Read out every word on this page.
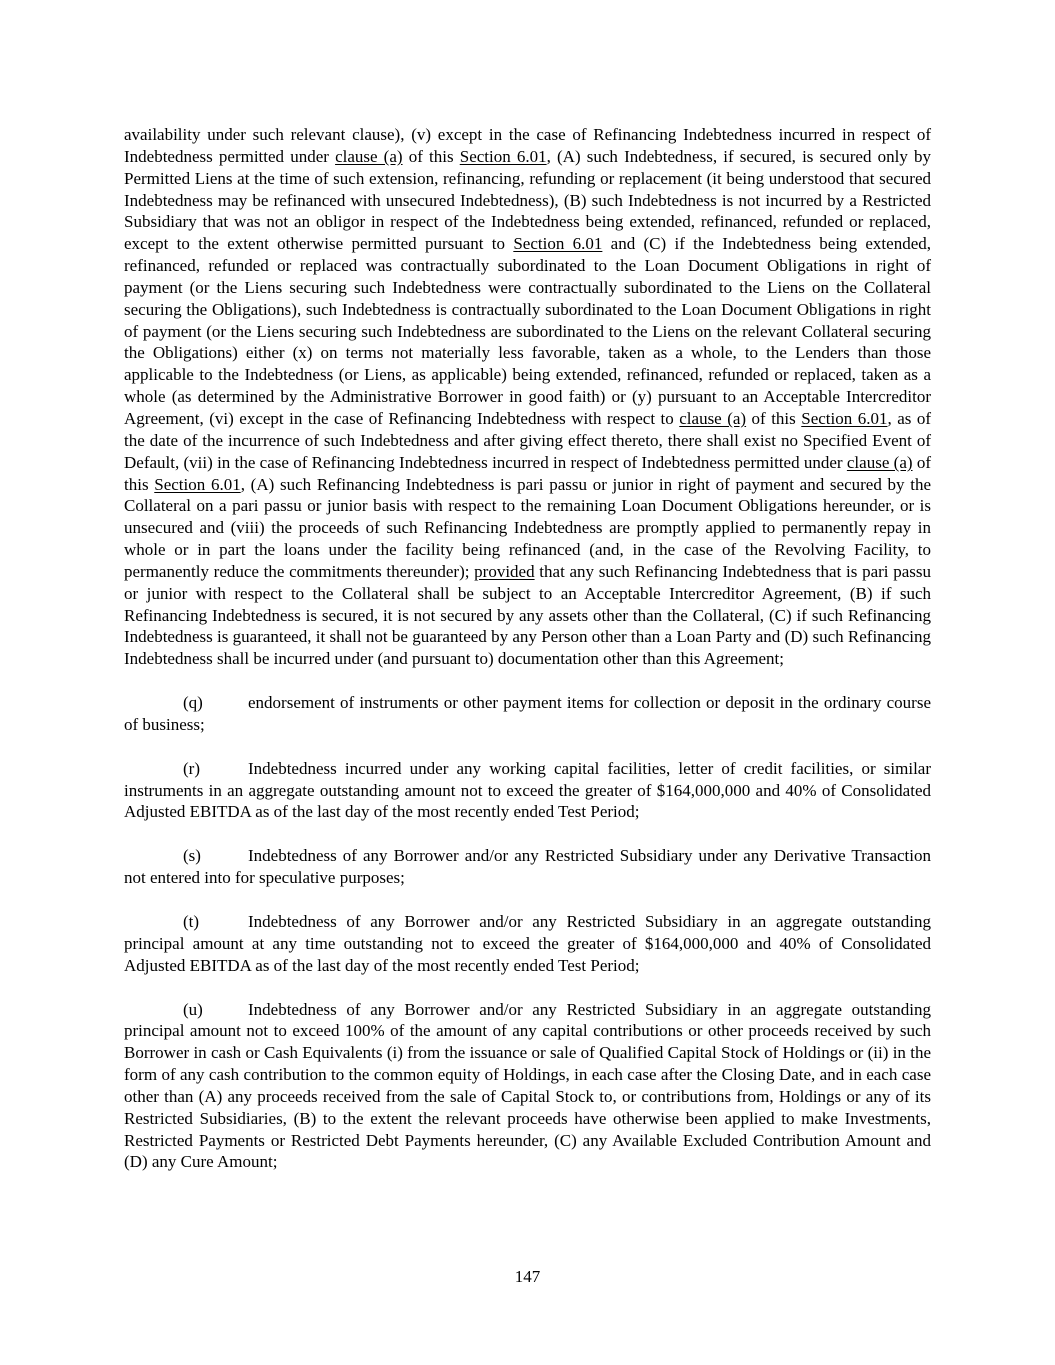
availability under such relevant clause), (v) except in the case of Refinancing Indebtedness incurred in respect of Indebtedness permitted under clause (a) of this Section 6.01, (A) such Indebtedness, if secured, is secured only by Permitted Liens at the time of such extension, refinancing, refunding or replacement (it being understood that secured Indebtedness may be refinanced with unsecured Indebtedness), (B) such Indebtedness is not incurred by a Restricted Subsidiary that was not an obligor in respect of the Indebtedness being extended, refinanced, refunded or replaced, except to the extent otherwise permitted pursuant to Section 6.01 and (C) if the Indebtedness being extended, refinanced, refunded or replaced was contractually subordinated to the Loan Document Obligations in right of payment (or the Liens securing such Indebtedness were contractually subordinated to the Liens on the Collateral securing the Obligations), such Indebtedness is contractually subordinated to the Loan Document Obligations in right of payment (or the Liens securing such Indebtedness are subordinated to the Liens on the relevant Collateral securing the Obligations) either (x) on terms not materially less favorable, taken as a whole, to the Lenders than those applicable to the Indebtedness (or Liens, as applicable) being extended, refinanced, refunded or replaced, taken as a whole (as determined by the Administrative Borrower in good faith) or (y) pursuant to an Acceptable Intercreditor Agreement, (vi) except in the case of Refinancing Indebtedness with respect to clause (a) of this Section 6.01, as of the date of the incurrence of such Indebtedness and after giving effect thereto, there shall exist no Specified Event of Default, (vii) in the case of Refinancing Indebtedness incurred in respect of Indebtedness permitted under clause (a) of this Section 6.01, (A) such Refinancing Indebtedness is pari passu or junior in right of payment and secured by the Collateral on a pari passu or junior basis with respect to the remaining Loan Document Obligations hereunder, or is unsecured and (viii) the proceeds of such Refinancing Indebtedness are promptly applied to permanently repay in whole or in part the loans under the facility being refinanced (and, in the case of the Revolving Facility, to permanently reduce the commitments thereunder); provided that any such Refinancing Indebtedness that is pari passu or junior with respect to the Collateral shall be subject to an Acceptable Intercreditor Agreement, (B) if such Refinancing Indebtedness is secured, it is not secured by any assets other than the Collateral, (C) if such Refinancing Indebtedness is guaranteed, it shall not be guaranteed by any Person other than a Loan Party and (D) such Refinancing Indebtedness shall be incurred under (and pursuant to) documentation other than this Agreement;

(q)	endorsement of instruments or other payment items for collection or deposit in the ordinary course of business;

(r)	Indebtedness incurred under any working capital facilities, letter of credit facilities, or similar instruments in an aggregate outstanding amount not to exceed the greater of $164,000,000 and 40% of Consolidated Adjusted EBITDA as of the last day of the most recently ended Test Period;

(s)	Indebtedness of any Borrower and/or any Restricted Subsidiary under any Derivative Transaction not entered into for speculative purposes;

(t)	Indebtedness of any Borrower and/or any Restricted Subsidiary in an aggregate outstanding principal amount at any time outstanding not to exceed the greater of $164,000,000 and 40% of Consolidated Adjusted EBITDA as of the last day of the most recently ended Test Period;

(u)	Indebtedness of any Borrower and/or any Restricted Subsidiary in an aggregate outstanding principal amount not to exceed 100% of the amount of any capital contributions or other proceeds received by such Borrower in cash or Cash Equivalents (i) from the issuance or sale of Qualified Capital Stock of Holdings or (ii) in the form of any cash contribution to the common equity of Holdings, in each case after the Closing Date, and in each case other than (A) any proceeds received from the sale of Capital Stock to, or contributions from, Holdings or any of its Restricted Subsidiaries, (B) to the extent the relevant proceeds have otherwise been applied to make Investments, Restricted Payments or Restricted Debt Payments hereunder, (C) any Available Excluded Contribution Amount and (D) any Cure Amount;

147
